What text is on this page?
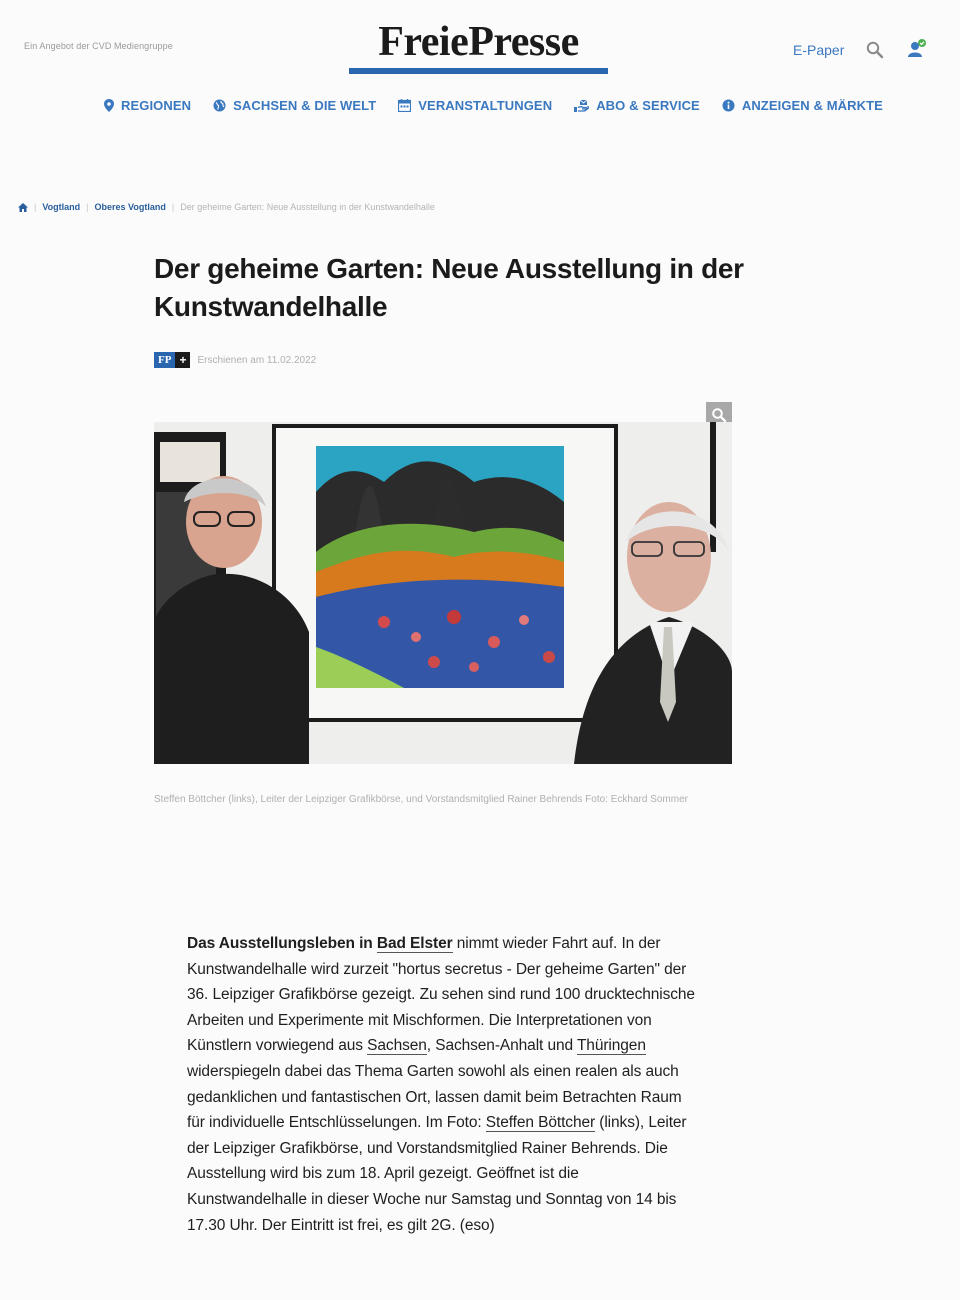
Ein Angebot der CVD Mediengruppe	FreiePresse	E-Paper
REGIONEN	SACHSEN & DIE WELT	VERANSTALTUNGEN	ABO & SERVICE	ANZEIGEN & MÄRKTE
| Vogtland | Oberes Vogtland | Der geheime Garten: Neue Ausstellung in der Kunstwandelhalle
Der geheime Garten: Neue Ausstellung in der Kunstwandelhalle
FP +	Erschienen am 11.02.2022
Steffen Böttcher (links), Leiter der Leipziger Grafikbörse, und Vorstandsmitglied Rainer Behrends Foto: Eckhard Sommer
Das Ausstellungsleben in Bad Elster nimmt wieder Fahrt auf. In der Kunstwandelhalle wird zurzeit "hortus secretus - Der geheime Garten" der 36. Leipziger Grafikbörse gezeigt. Zu sehen sind rund 100 drucktechnische Arbeiten und Experimente mit Mischformen. Die Interpretationen von Künstlern vorwiegend aus Sachsen, Sachsen-Anhalt und Thüringen widerspiegeln dabei das Thema Garten sowohl als einen realen als auch gedanklichen und fantastischen Ort, lassen damit beim Betrachten Raum für individuelle Entschlüsselungen. Im Foto: Steffen Böttcher (links), Leiter der Leipziger Grafikbörse, und Vorstandsmitglied Rainer Behrends. Die Ausstellung wird bis zum 18. April gezeigt. Geöffnet ist die Kunstwandelhalle in dieser Woche nur Samstag und Sonntag von 14 bis 17.30 Uhr. Der Eintritt ist frei, es gilt 2G. (eso)
